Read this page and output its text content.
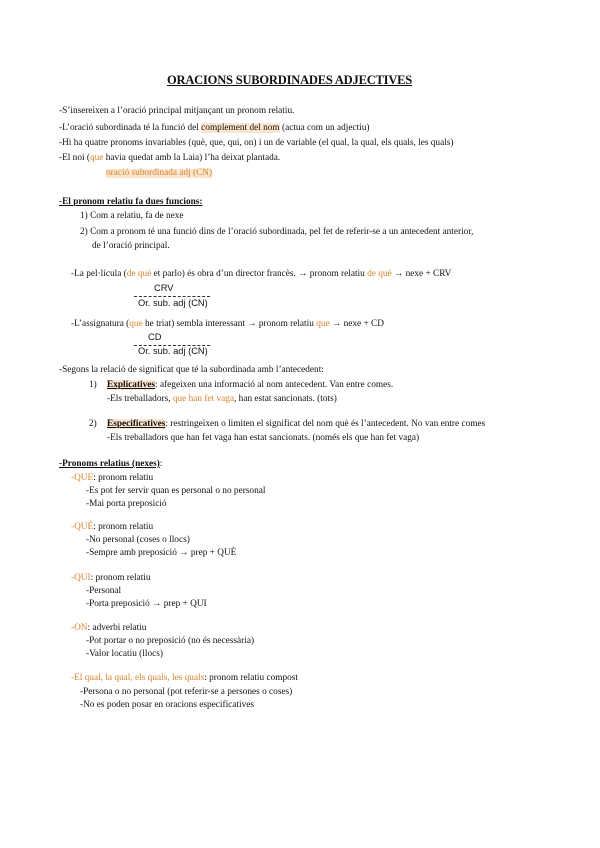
ORACIONS SUBORDINADES ADJECTIVES
-S’insereixen a l’oració principal mitjançant un pronom relatiu.
-L’oració subordinada té la funció del complement del nom (actua com un adjectiu)
-Hi ha quatre pronoms invariables (què, que, qui, on) i un de variable (el qual, la qual, els quals, les quals)
-El noi (que havia quedat amb la Laia) l’ha deixat plantada.
oració subordinada adj (CN)
-El pronom relatiu fa dues funcions:
1) Com a relatiu, fa de nexe
2) Com a pronom té una funció dins de l’oració subordinada, pel fet de referir-se a un antecedent anterior,
de l’oració principal.
-La pel·lícula (de què et parlo) és obra d’un director francès. → pronom relatiu de què → nexe + CRV
CRV
Or. sub. adj (CN)
-L’assignatura (que he triat) sembla interessant → pronom relatiu que → nexe + CD
CD
Or. sub. adj (CN)
-Segons la relació de significat que té la subordinada amb l’antecedent:
1) Explicatives: afegeixen una informació al nom antecedent. Van entre comes.
-Els treballadors, que han fet vaga, han estat sancionats. (tots)
2) Especificatives: restringeixen o limiten el significat del nom què és l’antecedent. No van entre comes
-Els treballadors que han fet vaga han estat sancionats. (només els que han fet vaga)
-Pronoms relatius (nexes):
-QUE: pronom relatiu
-Es pot fer servir quan es personal o no personal
-Mai porta preposició
-QUÈ: pronom relatiu
-No personal (coses o llocs)
-Sempre amb preposició → prep + QUÈ
-QUI: pronom relatiu
-Personal
-Porta preposició → prep + QUI
-ON: adverbi relatiu
-Pot portar o no preposició (no és necessària)
-Valor locatiu (llocs)
-El qual, la qual, els quals, les quals: pronom relatiu compost
-Persona o no personal (pot referir-se a persones o coses)
-No es poden posar en oracions especificatives
